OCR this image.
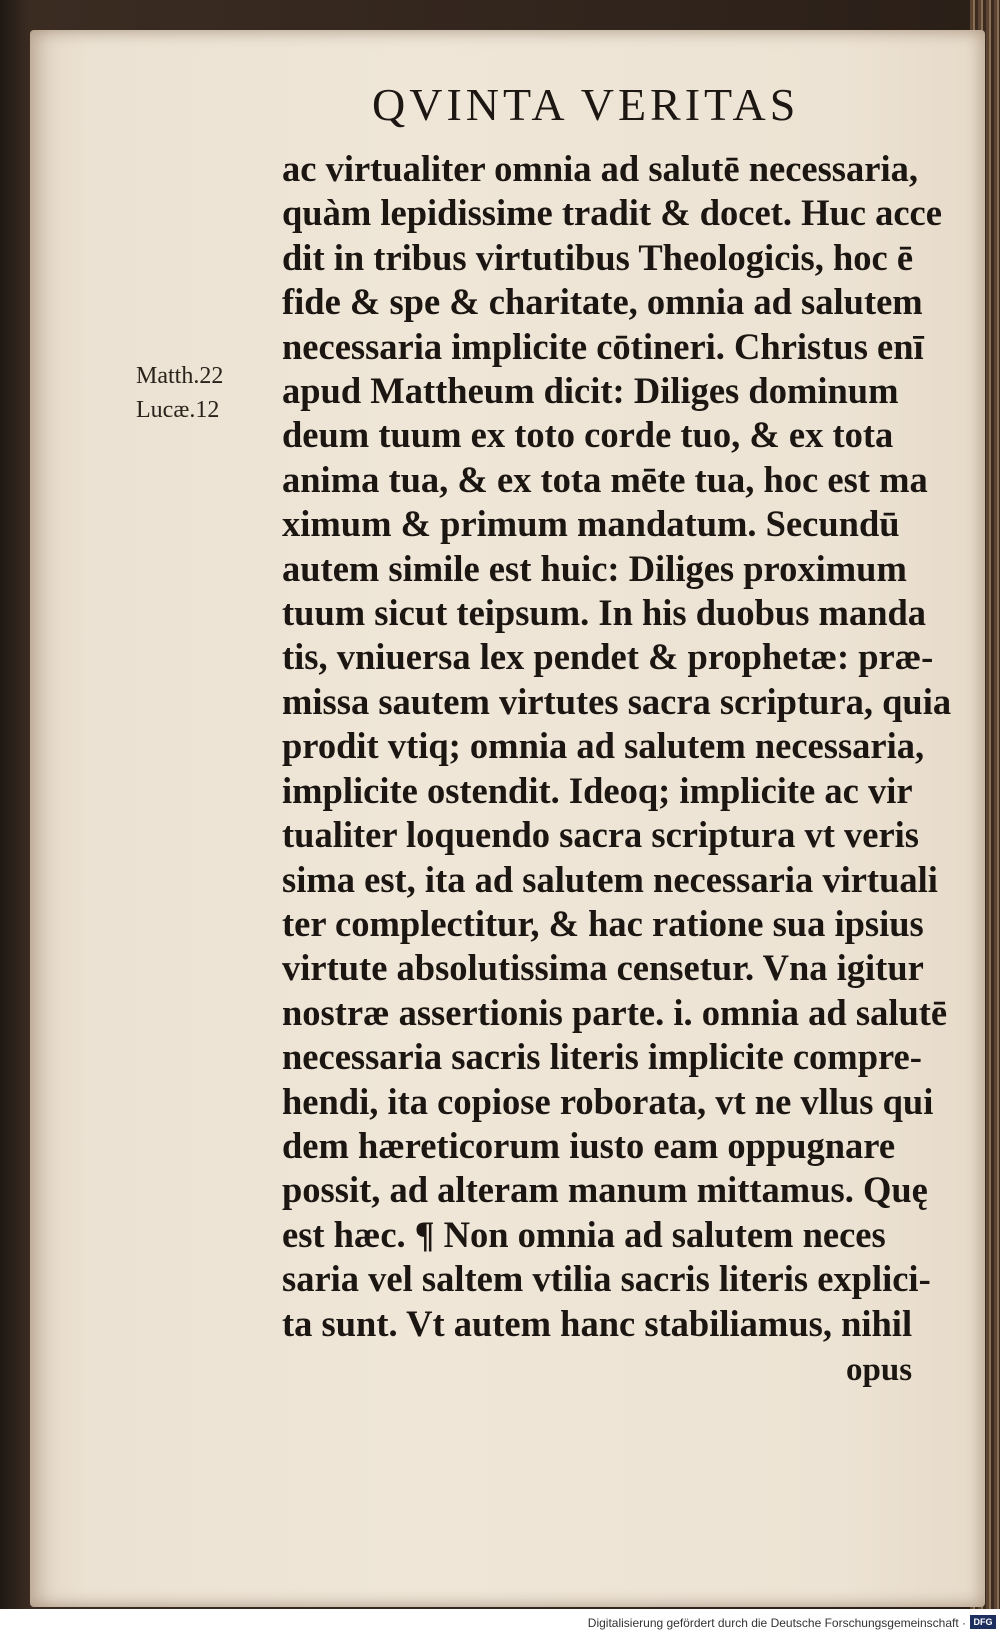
QVINTA VERITAS
Matth.22
Lucæ.12
ac virtualiter omnia ad salutē necessaria,
quàm lepidissime tradit & docet. Huc acce
dit in tribus virtutibus Theologicis, hoc ē
fide & spe & charitate, omnia ad salutem
necessaria implicite cōtineri. Christus enī
apud Mattheum dicit: Diliges dominum
deum tuum ex toto corde tuo, & ex tota
anima tua, & ex tota mēte tua, hoc est ma
ximum & primum mandatum. Secundū
autem simile est huic: Diliges proximum
tuum sicut teipsum. In his duobus manda
tis, vniuersa lex pendet & prophetæ: præ-
missa sautem virtutes sacra scriptura, quia
prodit vtiq; omnia ad salutem necessaria,
implicite ostendit. Ideoq; implicite ac vir
tualiter loquendo sacra scriptura vt veris
sima est, ita ad salutem necessaria virtuali
ter complectitur, & hac ratione sua ipsius
virtute absolutissima censetur. Vna igitur
nostræ assertionis parte. i. omnia ad salutē
necessaria sacris literis implicite compre-
hendi, ita copiose roborata, vt ne vllus qui
dem hæreticorum iusto eam oppugnare
possit, ad alteram manum mittamus. Quę
est hæc. ¶ Non omnia ad salutem neces
saria vel saltem vtilia sacris literis explici-
ta sunt. Vt autem hanc stabiliamus, nihil
opus
Digitalisierung gefördert durch die Deutsche Forschungsgemeinschaft · DFG
